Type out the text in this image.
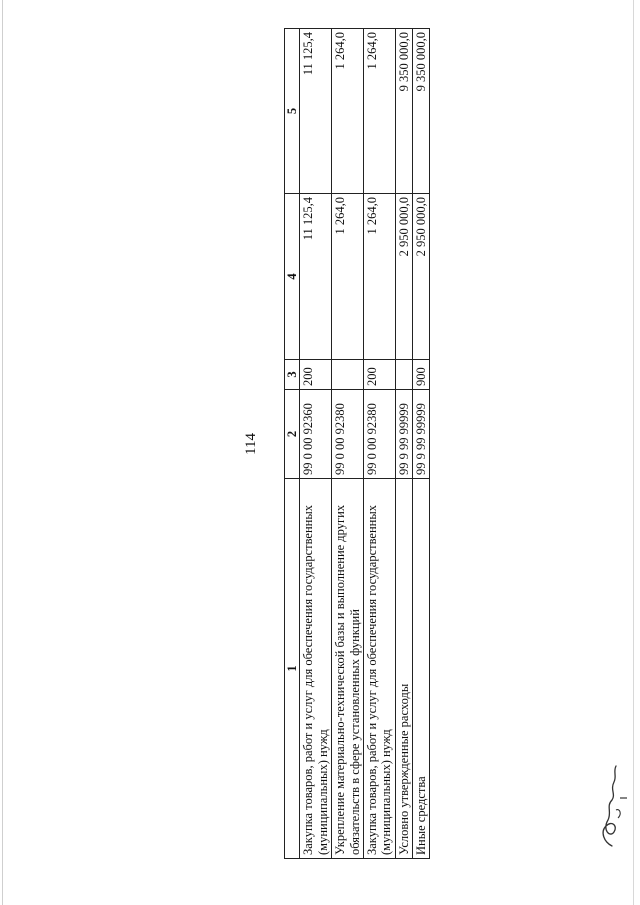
114
1	2	3	4	5
Закупка товаров, работ и услуг для обеспечения государственных (муниципальных) нужд	99 0 00 92360	200	11 125,4	11 125,4
Укрепление материально-технической базы и выполнение других обязательств в сфере установленных функций	99 0 00 92380		1 264,0	1 264,0
Закупка товаров, работ и услуг для обеспечения государственных (муниципальных) нужд	99 0 00 92380	200	1 264,0	1 264,0
Условно утвержденные расходы	99 9 99 99999		2 950 000,0	9 350 000,0
Иные средства	99 9 99 99999	900	2 950 000,0	9 350 000,0
